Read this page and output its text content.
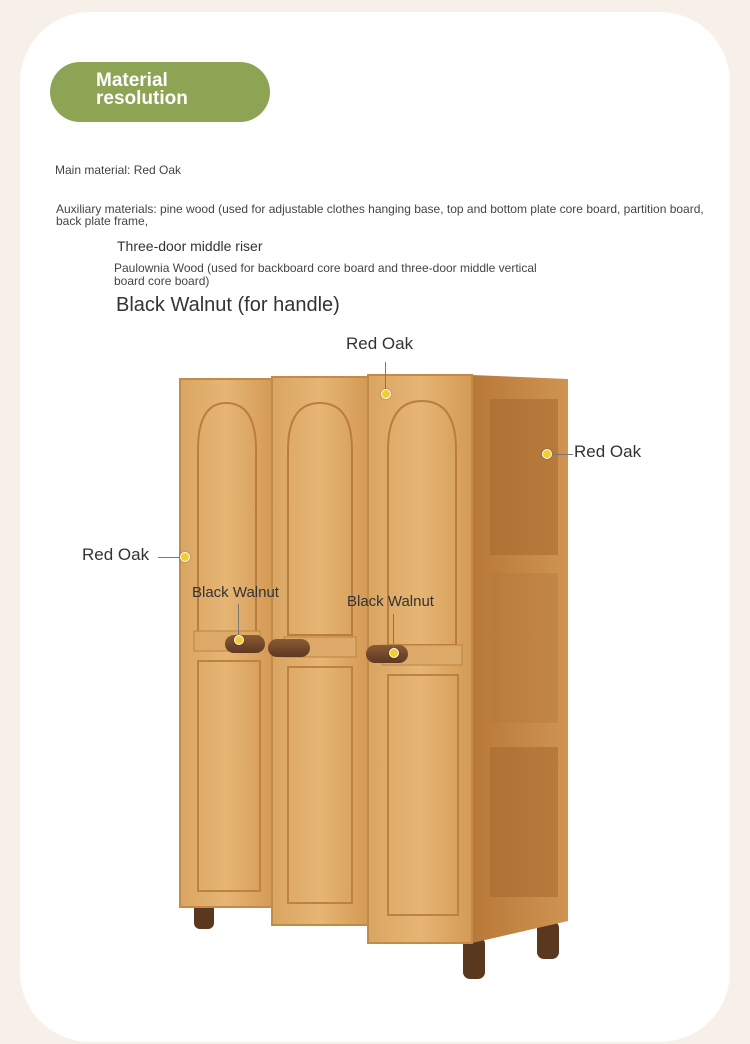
Material
resolution
Main material: Red Oak
Auxiliary materials: pine wood (used for adjustable clothes hanging base, top and bottom plate core board, partition board,
back plate frame,
Three-door middle riser
Paulownia Wood (used for backboard core board and three-door middle vertical
board core board)
Black Walnut (for handle)
Red Oak
Red Oak
Red Oak
Black Walnut
Black Walnut
